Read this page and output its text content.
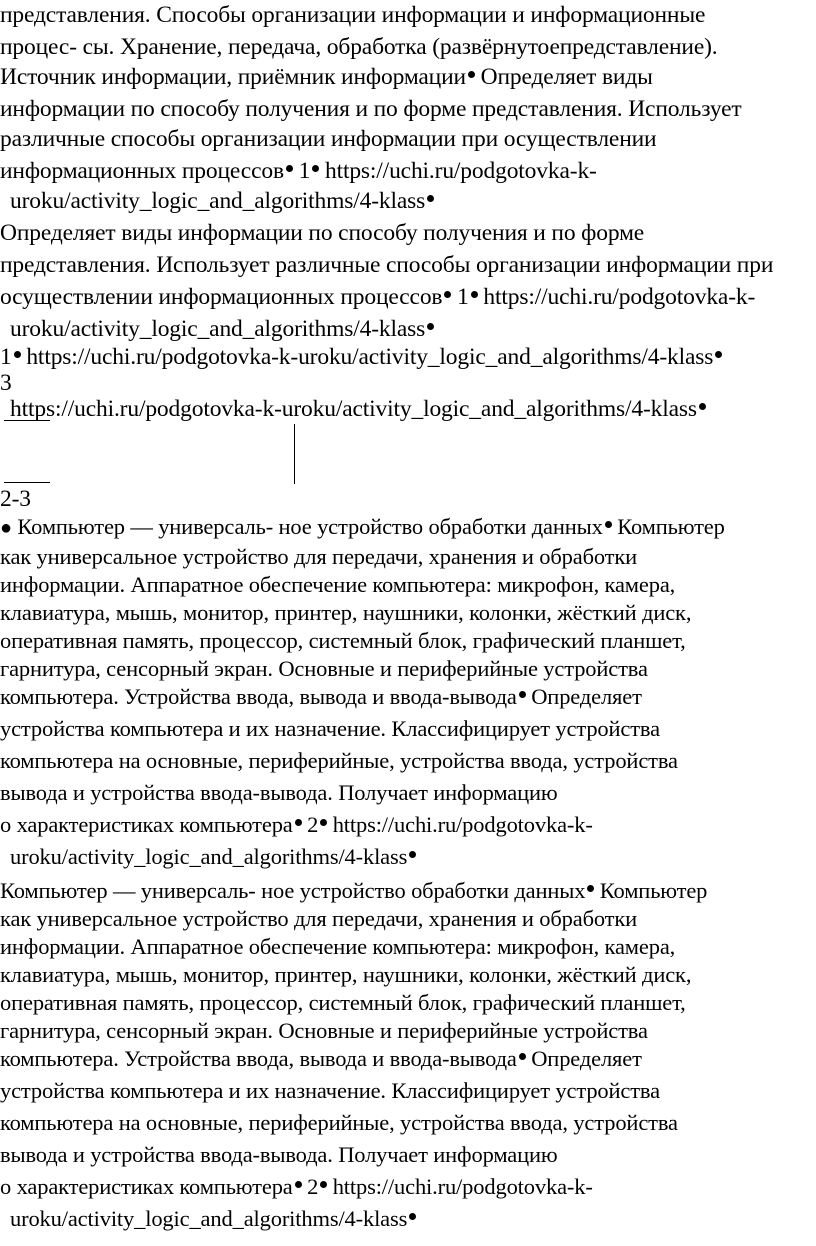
представления. Способы организации информации и информационные
процес- сы. Хранение, передача, обработка (развёрнутоепредставление).
Источник информации, приёмник информации Определяет виды
информации по способу получения и по форме представления. Использует
различные способы организации информации при осуществлении
информационных процессов 1 https://uchi.ru/podgotovka-k-
uroku/activity_logic_and_algorithms/4-klass
Определяет виды информации по способу получения и по форме
представления. Использует различные способы организации информации при
осуществлении информационных процессов 1 https://uchi.ru/podgotovka-k-
uroku/activity_logic_and_algorithms/4-klass
1 https://uchi.ru/podgotovka-k-uroku/activity_logic_and_algorithms/4-klass
3
https://uchi.ru/podgotovka-k-uroku/activity_logic_and_algorithms/4-klass
2-3
● Компьютер — универсаль- ное устройство обработки данных Компьютер
как универсальное устройство для передачи, хранения и обработки
информации. Аппаратное обеспечение компьютера: микрофон, камера,
клавиатура, мышь, монитор, принтер, наушники, колонки, жёсткий диск,
оперативная память, процессор, системный блок, графический планшет,
гарнитура, сенсорный экран. Основные и периферийные устройства
компьютера. Устройства ввода, вывода и ввода-вывода Определяет
устройства компьютера и их назначение. Классифицирует устройства
компьютера на основные, периферийные, устройства ввода, устройства
вывода и устройства ввода-вывода. Получает информацию
о характеристиках компьютера 2 https://uchi.ru/podgotovka-k-
uroku/activity_logic_and_algorithms/4-klass
Компьютер — универсаль- ное устройство обработки данных Компьютер
как универсальное устройство для передачи, хранения и обработки
информации. Аппаратное обеспечение компьютера: микрофон, камера,
клавиатура, мышь, монитор, принтер, наушники, колонки, жёсткий диск,
оперативная память, процессор, системный блок, графический планшет,
гарнитура, сенсорный экран. Основные и периферийные устройства
компьютера. Устройства ввода, вывода и ввода-вывода Определяет
устройства компьютера и их назначение. Классифицирует устройства
компьютера на основные, периферийные, устройства ввода, устройства
вывода и устройства ввода-вывода. Получает информацию
о характеристиках компьютера 2 https://uchi.ru/podgotovka-k-
uroku/activity_logic_and_algorithms/4-klass
